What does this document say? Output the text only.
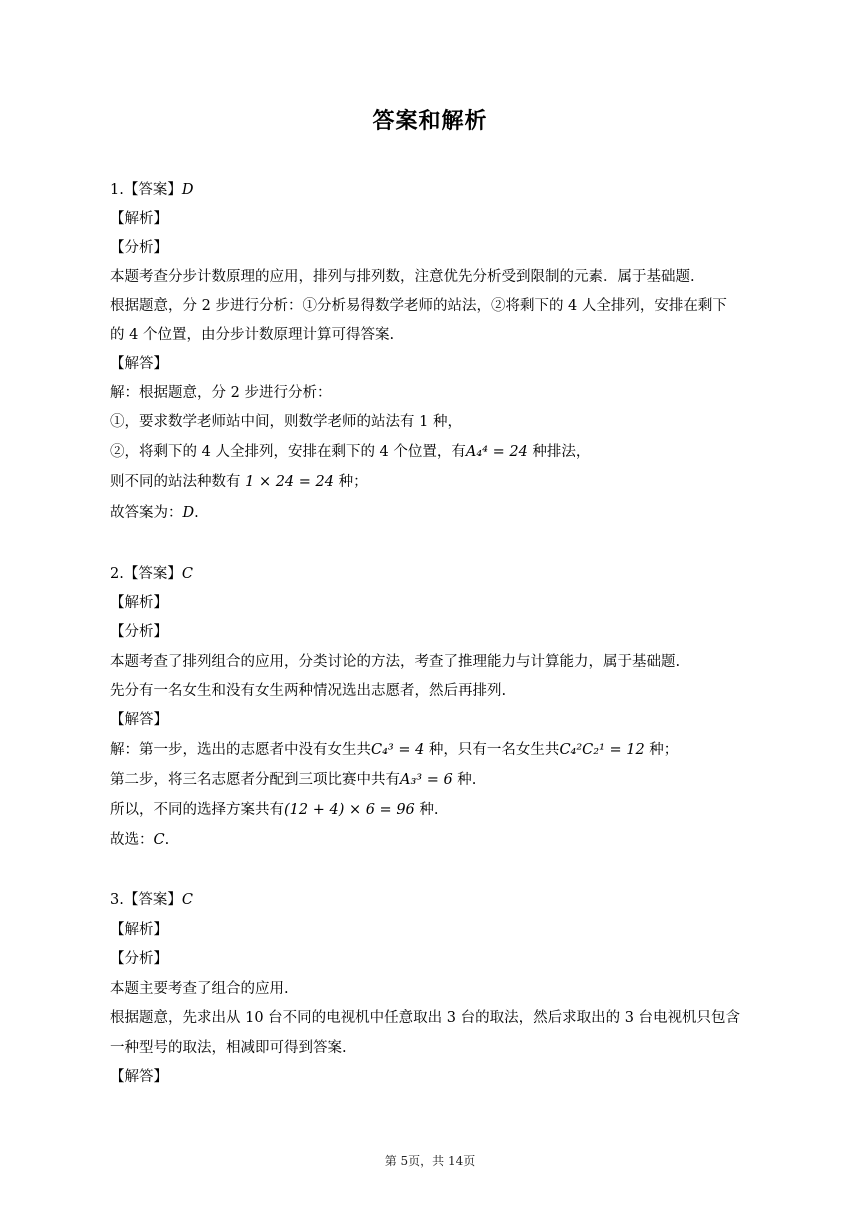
答案和解析
1.【答案】D
【解析】
【分析】
本题考查分步计数原理的应用，排列与排列数，注意优先分析受到限制的元素．属于基础题.
根据题意，分 2 步进行分析：①分析易得数学老师的站法，②将剩下的 4 人全排列，安排在剩下
的 4 个位置，由分步计数原理计算可得答案.
【解答】
解：根据题意，分 2 步进行分析：
①，要求数学老师站中间，则数学老师的站法有 1 种，
②，将剩下的 4 人全排列，安排在剩下的 4 个位置，有A₄⁴ = 24 种排法，
则不同的站法种数有 1 × 24 = 24 种；
故答案为：D.
2.【答案】C
【解析】
【分析】
本题考查了排列组合的应用，分类讨论的方法，考查了推理能力与计算能力，属于基础题.
先分有一名女生和没有女生两种情况选出志愿者，然后再排列.
【解答】
解：第一步，选出的志愿者中没有女生共C₄³ = 4 种，只有一名女生共C₄²C₂¹ = 12 种；
第二步，将三名志愿者分配到三项比赛中共有A₃³ = 6 种.
所以，不同的选择方案共有(12 + 4) × 6 = 96 种.
故选：C.
3.【答案】C
【解析】
【分析】
本题主要考查了组合的应用.
根据题意，先求出从 10 台不同的电视机中任意取出 3 台的取法，然后求取出的 3 台电视机只包含
一种型号的取法，相减即可得到答案.
【解答】
第 5页，共 14页
